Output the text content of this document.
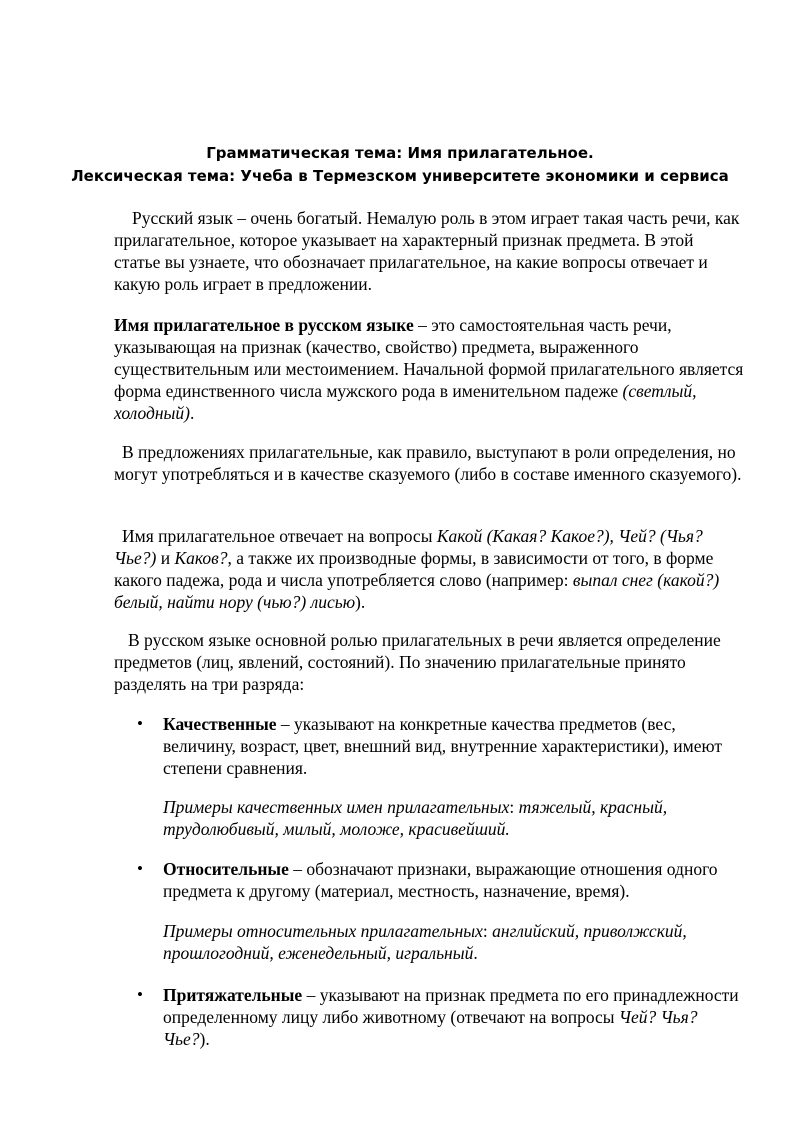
Грамматическая тема: Имя прилагательное.
Лексическая тема: Учеба в Термезском университете экономики и сервиса

Русский язык – очень богатый. Немалую роль в этом играет такая часть речи, как прилагательное, которое указывает на характерный признак предмета. В этой статье вы узнаете, что обозначает прилагательное, на какие вопросы отвечает и какую роль играет в предложении.

Имя прилагательное в русском языке – это самостоятельная часть речи, указывающая на признак (качество, свойство) предмета, выраженного существительным или местоимением. Начальной формой прилагательного является форма единственного числа мужского рода в именительном падеже (светлый, холодный).

В предложениях прилагательные, как правило, выступают в роли определения, но могут употребляться и в качестве сказуемого (либо в составе именного сказуемого).

Имя прилагательное отвечает на вопросы Какой (Какая? Какое?), Чей? (Чья? Чье?) и Каков?, а также их производные формы, в зависимости от того, в форме какого падежа, рода и числа употребляется слово (например: выпал снег (какой?) белый, найти нору (чью?) лисью).

В русском языке основной ролью прилагательных в речи является определение предметов (лиц, явлений, состояний). По значению прилагательные принято разделять на три разряда:

• Качественные – указывают на конкретные качества предметов (вес, величину, возраст, цвет, внешний вид, внутренние характеристики), имеют степени сравнения.

Примеры качественных имен прилагательных: тяжелый, красный, трудолюбивый, милый, моложе, красивейший.

• Относительные – обозначают признаки, выражающие отношения одного предмета к другому (материал, местность, назначение, время).

Примеры относительных прилагательных: английский, приволжский, прошлогодний, еженедельный, игральный.

• Притяжательные – указывают на признак предмета по его принадлежности определенному лицу либо животному (отвечают на вопросы Чей? Чья? Чье?).
